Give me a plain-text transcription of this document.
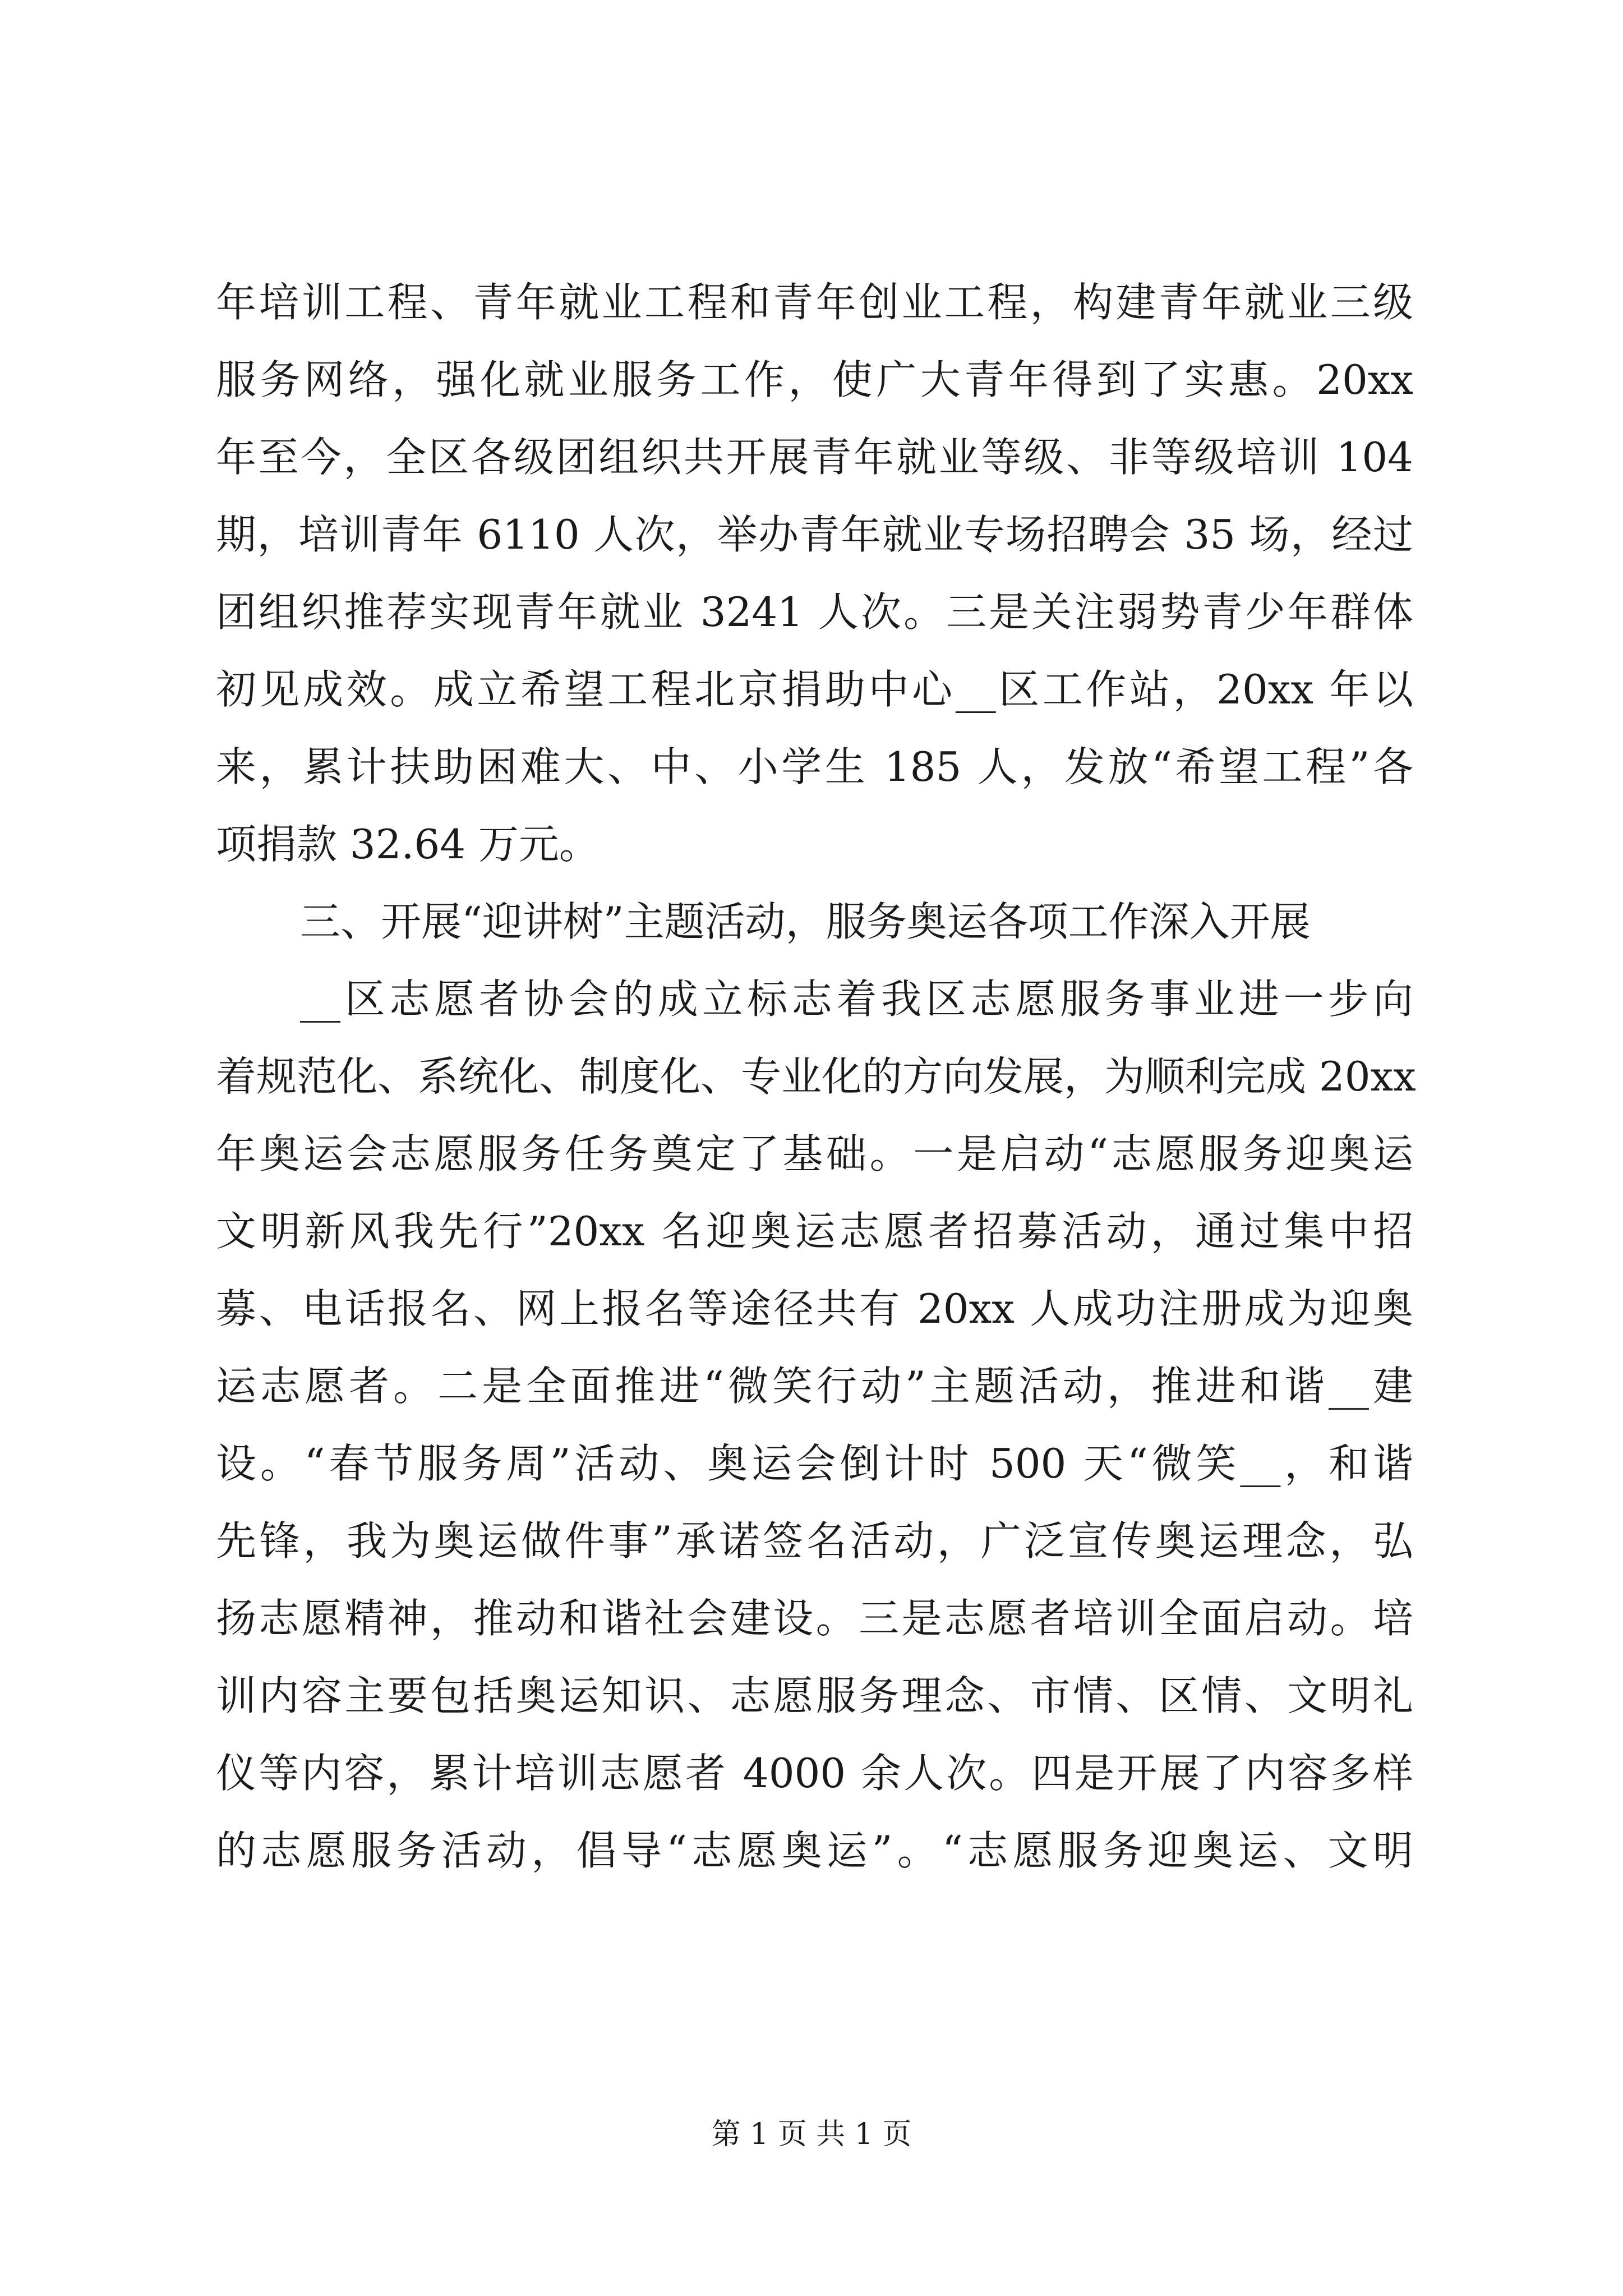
年培训工程、青年就业工程和青年创业工程，构建青年就业三级
服务网络，强化就业服务工作，使广大青年得到了实惠。20xx
年至今，全区各级团组织共开展青年就业等级、非等级培训 104
期，培训青年 6110 人次，举办青年就业专场招聘会 35 场，经过
团组织推荐实现青年就业 3241 人次。三是关注弱势青少年群体
初见成效。成立希望工程北京捐助中心__区工作站，20xx 年以
来，累计扶助困难大、中、小学生 185 人，发放“希望工程”各
项捐款 32.64 万元。
三、开展“迎讲树”主题活动，服务奥运各项工作深入开展
__区志愿者协会的成立标志着我区志愿服务事业进一步向
着规范化、系统化、制度化、专业化的方向发展，为顺利完成 20xx
年奥运会志愿服务任务奠定了基础。一是启动“志愿服务迎奥运
文明新风我先行”20xx 名迎奥运志愿者招募活动，通过集中招
募、电话报名、网上报名等途径共有 20xx 人成功注册成为迎奥
运志愿者。二是全面推进“微笑行动”主题活动，推进和谐__建
设。“春节服务周”活动、奥运会倒计时 500 天“微笑__，和谐
先锋，我为奥运做件事”承诺签名活动，广泛宣传奥运理念，弘
扬志愿精神，推动和谐社会建设。三是志愿者培训全面启动。培
训内容主要包括奥运知识、志愿服务理念、市情、区情、文明礼
仪等内容，累计培训志愿者 4000 余人次。四是开展了内容多样
的志愿服务活动，倡导“志愿奥运”。“志愿服务迎奥运、文明
第 1 页 共 1 页
